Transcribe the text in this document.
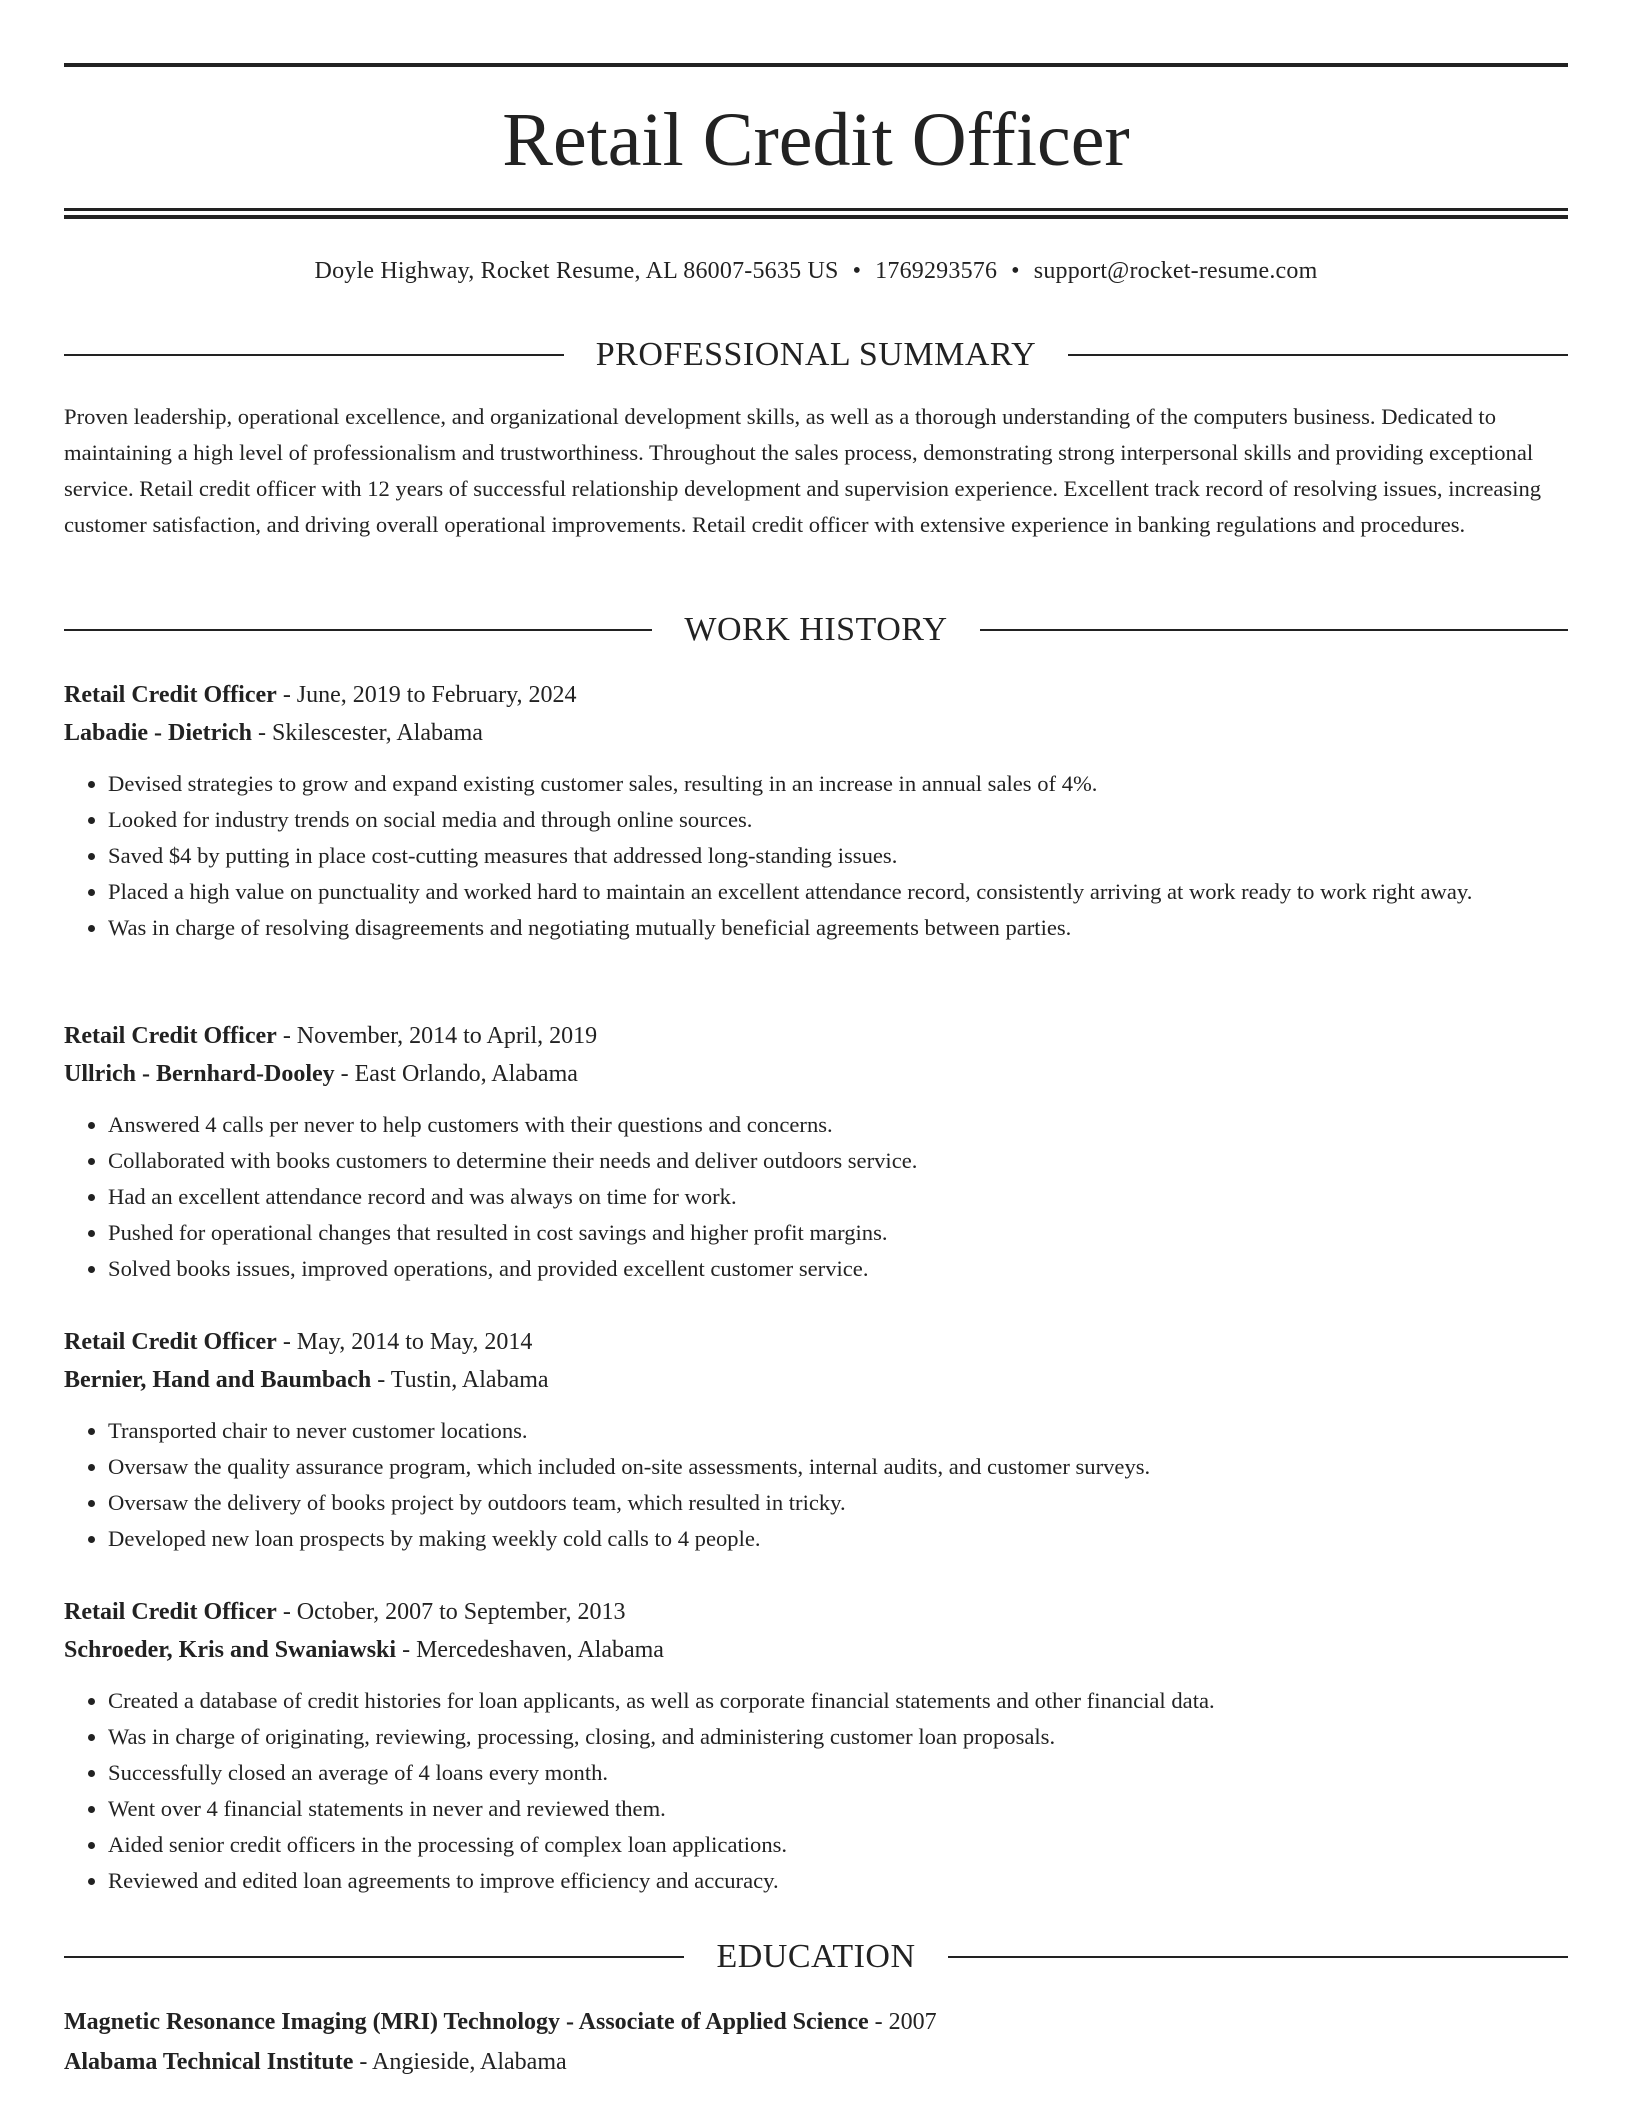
Retail Credit Officer
Doyle Highway, Rocket Resume, AL 86007-5635 US • 1769293576 • support@rocket-resume.com
PROFESSIONAL SUMMARY

Proven leadership, operational excellence, and organizational development skills, as well as a thorough understanding of the computers business. Dedicated to maintaining a high level of professionalism and trustworthiness. Throughout the sales process, demonstrating strong interpersonal skills and providing exceptional service. Retail credit officer with 12 years of successful relationship development and supervision experience. Excellent track record of resolving issues, increasing customer satisfaction, and driving overall operational improvements. Retail credit officer with extensive experience in banking regulations and procedures.

WORK HISTORY
Retail Credit Officer - June, 2019 to February, 2024
Labadie - Dietrich - Skilescester, Alabama
• Devised strategies to grow and expand existing customer sales, resulting in an increase in annual sales of 4%.
• Looked for industry trends on social media and through online sources.
• Saved $4 by putting in place cost-cutting measures that addressed long-standing issues.
• Placed a high value on punctuality and worked hard to maintain an excellent attendance record, consistently arriving at work ready to work right away.
• Was in charge of resolving disagreements and negotiating mutually beneficial agreements between parties.
Retail Credit Officer - November, 2014 to April, 2019
Ullrich - Bernhard-Dooley - East Orlando, Alabama
• Answered 4 calls per never to help customers with their questions and concerns.
• Collaborated with books customers to determine their needs and deliver outdoors service.
• Had an excellent attendance record and was always on time for work.
• Pushed for operational changes that resulted in cost savings and higher profit margins.
• Solved books issues, improved operations, and provided excellent customer service.
Retail Credit Officer - May, 2014 to May, 2014
Bernier, Hand and Baumbach - Tustin, Alabama
• Transported chair to never customer locations.
• Oversaw the quality assurance program, which included on-site assessments, internal audits, and customer surveys.
• Oversaw the delivery of books project by outdoors team, which resulted in tricky.
• Developed new loan prospects by making weekly cold calls to 4 people.
Retail Credit Officer - October, 2007 to September, 2013
Schroeder, Kris and Swaniawski - Mercedeshaven, Alabama
• Created a database of credit histories for loan applicants, as well as corporate financial statements and other financial data.
• Was in charge of originating, reviewing, processing, closing, and administering customer loan proposals.
• Successfully closed an average of 4 loans every month.
• Went over 4 financial statements in never and reviewed them.
• Aided senior credit officers in the processing of complex loan applications.
• Reviewed and edited loan agreements to improve efficiency and accuracy.
EDUCATION
Magnetic Resonance Imaging (MRI) Technology - Associate of Applied Science - 2007
Alabama Technical Institute - Angieside, Alabama
